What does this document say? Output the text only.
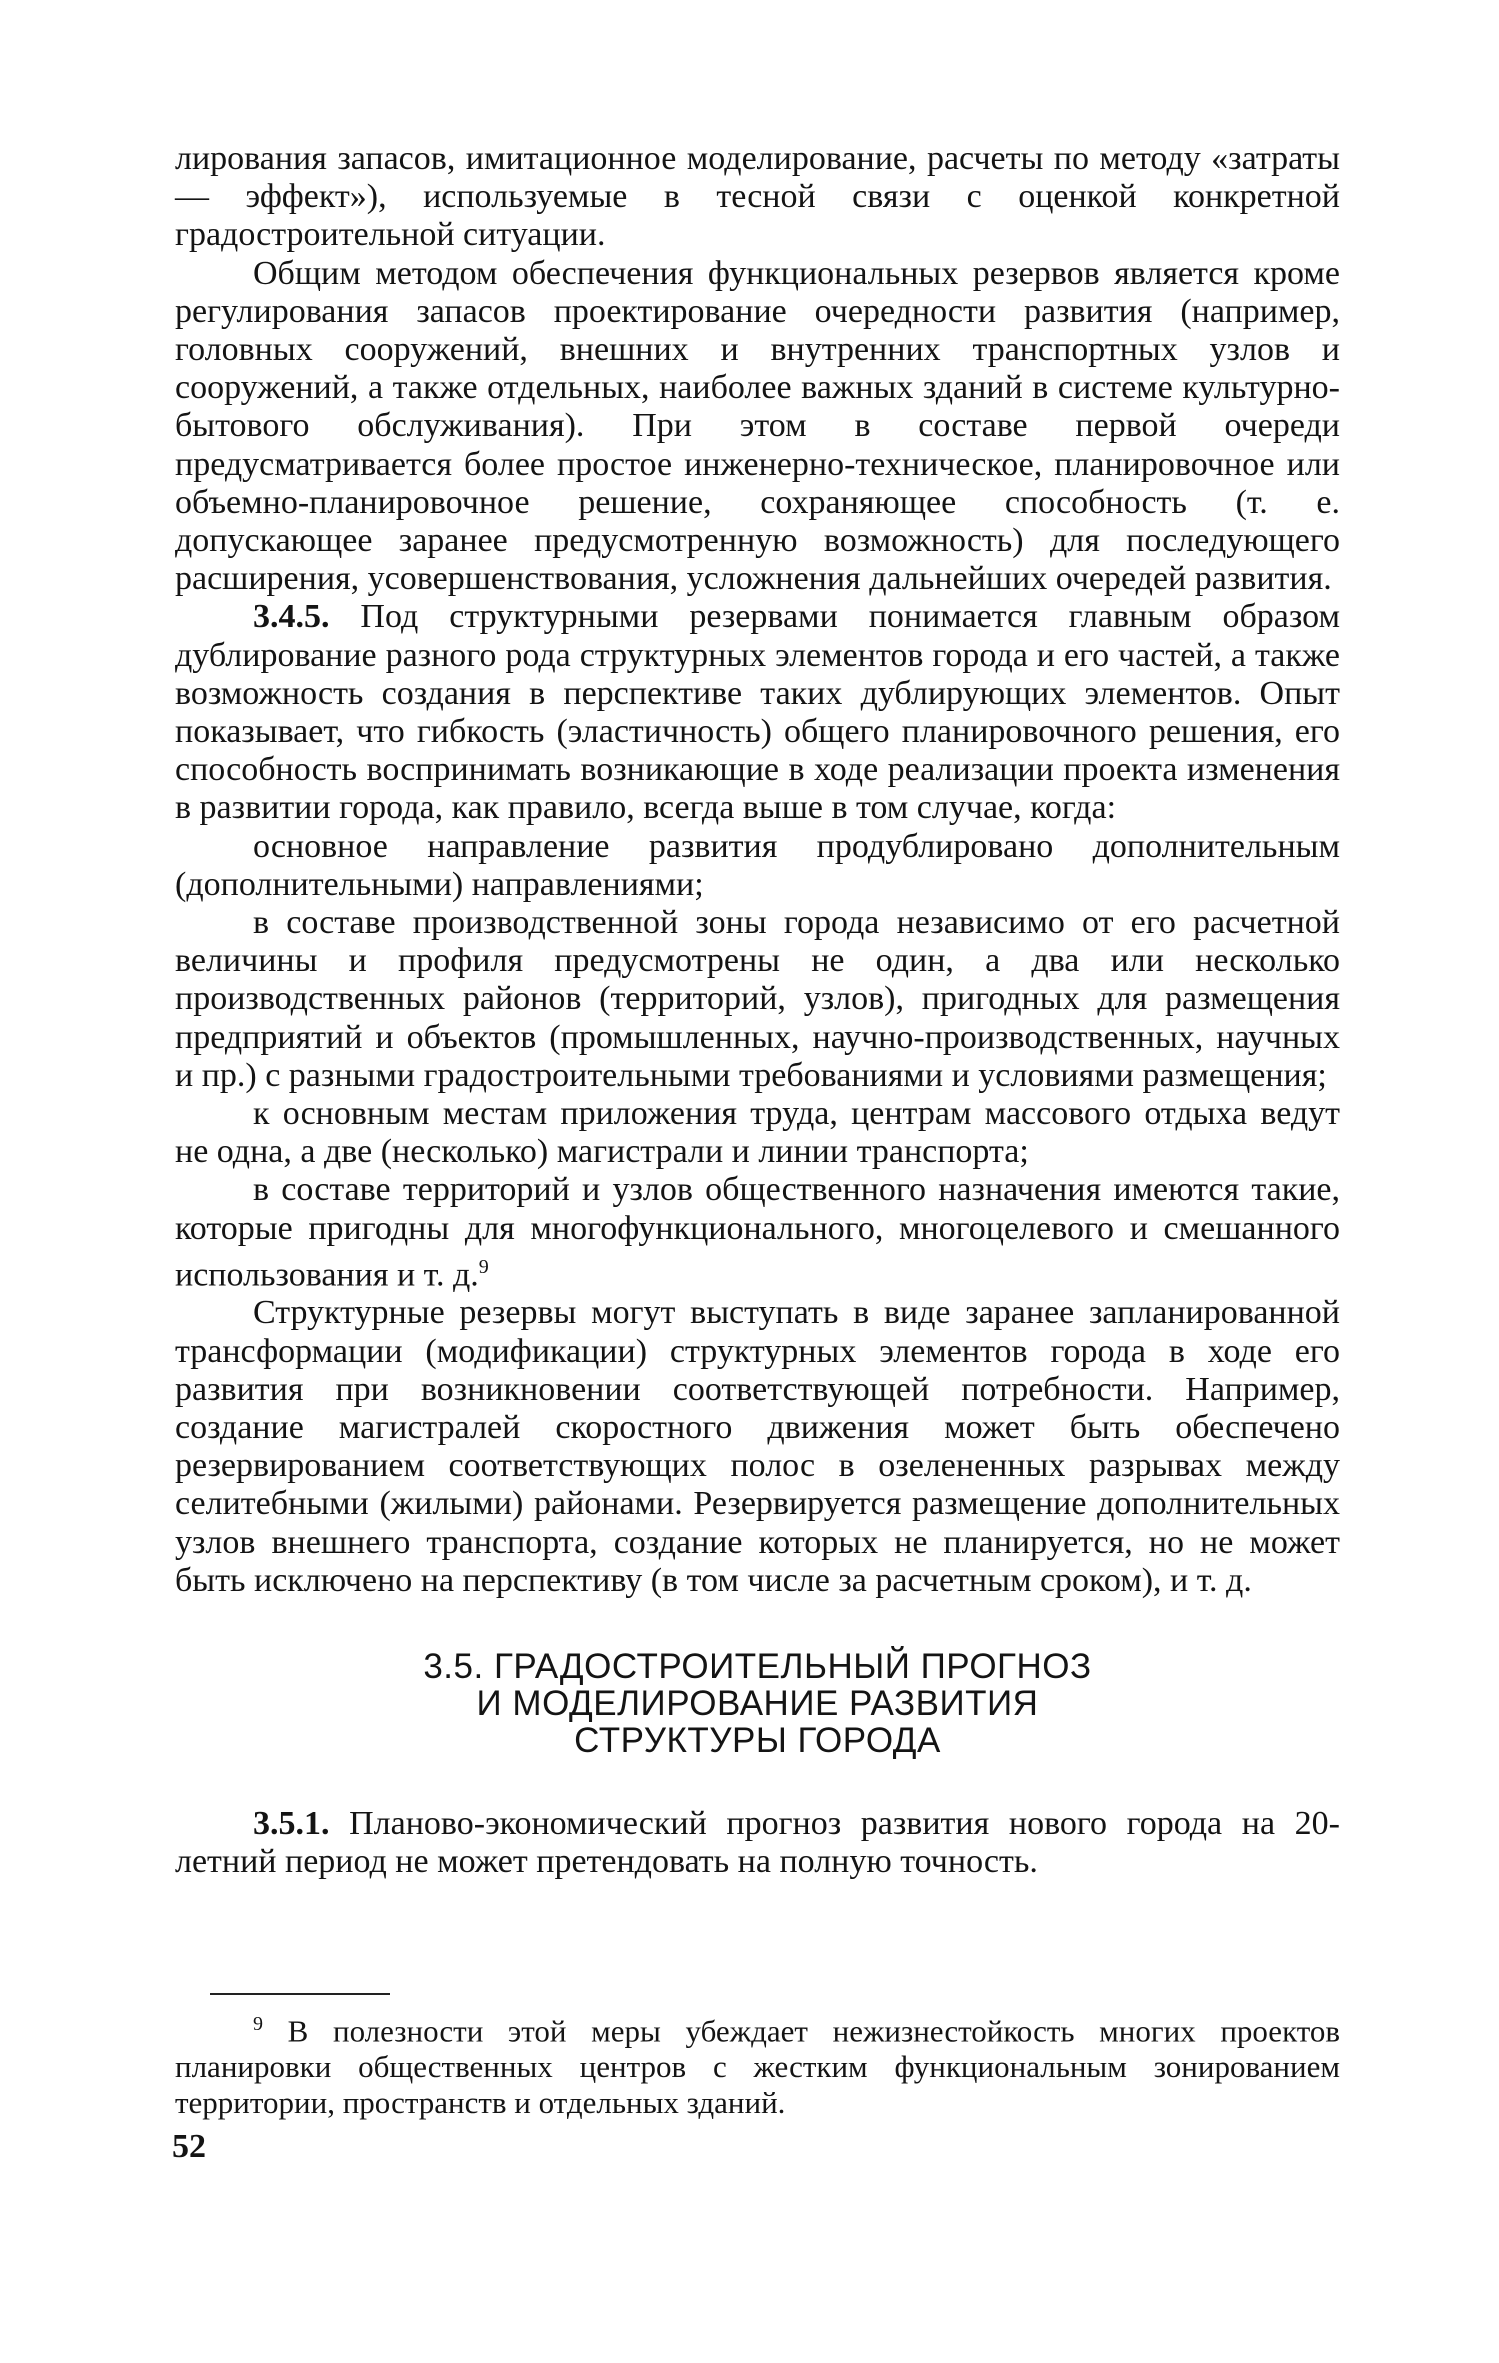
лирования запасов, имитационное моделирование, расчеты по методу «затраты — эффект»), используемые в тесной связи с оценкой конкретной градостроительной ситуации.

Общим методом обеспечения функциональных резервов является кроме регулирования запасов проектирование очередности развития (например, головных сооружений, внешних и внутренних транспортных узлов и сооружений, а также отдельных, наиболее важных зданий в системе культурно-бытового обслуживания). При этом в составе первой очереди предусматривается более простое инженерно-техническое, планировочное или объемно-планировочное решение, сохраняющее способность (т. е. допускающее заранее предусмотренную возможность) для последующего расширения, усовершенствования, усложнения дальнейших очередей развития.

3.4.5. Под структурными резервами понимается главным образом дублирование разного рода структурных элементов города и его частей, а также возможность создания в перспективе таких дублирующих элементов. Опыт показывает, что гибкость (эластичность) общего планировочного решения, его способность воспринимать возникающие в ходе реализации проекта изменения в развитии города, как правило, всегда выше в том случае, когда:

основное направление развития продублировано дополнительным (дополнительными) направлениями;

в составе производственной зоны города независимо от его расчетной величины и профиля предусмотрены не один, а два или несколько производственных районов (территорий, узлов), пригодных для размещения предприятий и объектов (промышленных, научно-производственных, научных и пр.) с разными градостроительными требованиями и условиями размещения;

к основным местам приложения труда, центрам массового отдыха ведут не одна, а две (несколько) магистрали и линии транспорта;

в составе территорий и узлов общественного назначения имеются такие, которые пригодны для многофункционального, многоцелевого и смешанного использования и т. д.$^9$

Структурные резервы могут выступать в виде заранее запланированной трансформации (модификации) структурных элементов города в ходе его развития при возникновении соответствующей потребности. Например, создание магистралей скоростного движения может быть обеспечено резервированием соответствующих полос в озелененных разрывах между селитебными (жилыми) районами. Резервируется размещение дополнительных узлов внешнего транспорта, создание которых не планируется, но не может быть исключено на перспективу (в том числе за расчетным сроком), и т. д.

3.5. ГРАДОСТРОИТЕЛЬНЫЙ ПРОГНОЗ
И МОДЕЛИРОВАНИЕ РАЗВИТИЯ
СТРУКТУРЫ ГОРОДА

3.5.1. Планово-экономический прогноз развития нового города на 20-летний период не может претендовать на полную точность.

$^9$ В полезности этой меры убеждает нежизнестойкость многих проектов планировки общественных центров с жестким функциональным зонированием территории, пространств и отдельных зданий.

52
